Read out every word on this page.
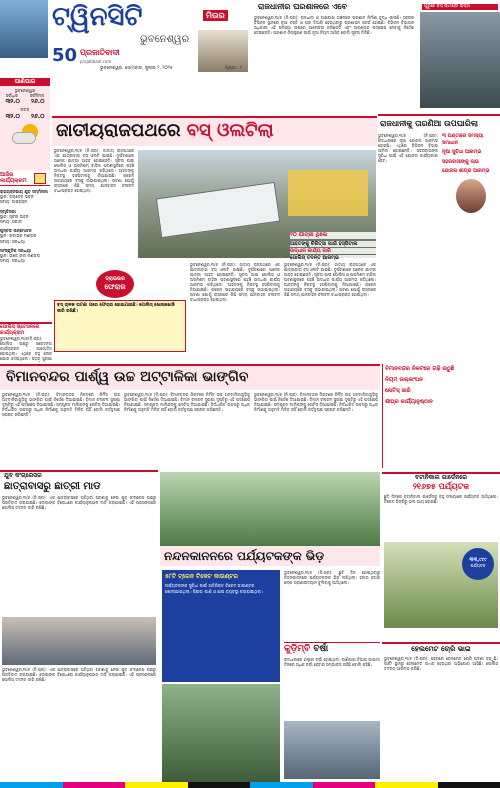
ଟ୍ୱିନସିଟି	ମିଉର
ଭୁବନେଶ୍ୱର
50 ପ୍ରଜାତିବାଦୀ
prajatibadi.com
ଭୁବନେଶ୍ୱର, ସୋମବାର, ଜୁଲାଇ ୨, ୨୦୨୫	ପୃଷ୍ଠା : ୮
ରାଜଧାନୀର ଘରଶାଳରେ ଏବେ
ଭୁବନେଶ୍ୱର,୩/୬ (ନି.ପ୍ର): ରାଜଧାନୀ ଓ ଆଖପାଖ ଅଞ୍ଚଳରେ ଘରଶାଳ ନିର୍ମାଣ ବୃଦ୍ଧି ପାଉଛି। ସହରର ବିଭିନ୍ନ ସ୍ଥାନରେ ନୂଆ ବସ୍ତି ଓ ଘର ତିଆରି ହେଉଥିବାରୁ ପ୍ରଶାସନ ସତର୍କ ହୋଇଛି। ବିଭିନ୍ନ ବିଭାଗର ଅଧିକାରୀ ଏହି ସମସ୍ୟା ଉପରେ ଆଲୋଚନା କରିଛନ୍ତି ଏବଂ ଆବଶ୍ୟକ ପଦକ୍ଷେପ ନେବାକୁ ନିର୍ଦ୍ଦେଶ ଦେଇଛନ୍ତି। ଘରଶାଳ ନିୟନ୍ତ୍ରଣ ପାଇଁ ନୂଆ ନିୟମ ଆସିବ ବୋଲି ସୂଚନା ମିଳିଛି।
ପୁରୁଣା ବସ୍ ଷ୍ଟାଣ୍ଡ ରାସ୍ତା
ପାଣିପାଗ
ଭୁବନେଶ୍ୱର
ସର୍ବାଧିକ	ସର୍ବନିମ୍ନ
୩୨.୦ ୨୬.୦
କଟକ
୩୨.୦ ୨୬.୦
ଆଜିର କାର୍ଯ୍ୟକ୍ରମ
ରାଜ୍ୟସ୍ତରୀୟ ଯୁବ ସମ୍ମିଳନୀ
ସ୍ଥାନ: ଜୟଦେବ ଭବନ
ସମୟ: ଅପରାହ୍ନ
ସ୍ମୃତିସଭା
ସ୍ଥାନ: ସୂଚନା ଭବନ
ସମୟ: ସକାଳ
ପୁସ୍ତକ ଉନ୍ମୋଚନ
ସ୍ଥାନ: ରବୀନ୍ଦ୍ର ମଣ୍ଡପ
ସମୟ: ସନ୍ଧ୍ୟା
ସାଂସ୍କୃତିକ ସନ୍ଧ୍ୟା
ସ୍ଥାନ: ଭଞ୍ଜ କଳା ମଣ୍ଡପ
ସମୟ: ସନ୍ଧ୍ୟା
ଜାତୀୟରାଜପଥରେ ବସ୍ ଓଲଟିଲା
ଭୁବନେଶ୍ୱର,୩/୬ (ନି.ପ୍ର): ଜାତୀୟ ରାଜପଥରେ ଏକ ଯାତ୍ରୀବାହୀ ବସ୍ ଓଲଟି ଯାଇଛି। ଦୁର୍ଘଟଣାରେ ଅନେକ ଯାତ୍ରୀ ଆହତ ହୋଇଛନ୍ତି। ସୂଚନା ପାଇ ପୋଲିସ୍ ଓ ଅଗ୍ନିଶମ ବାହିନୀ ଘଟଣାସ୍ଥଳରେ ପହଞ୍ଚି ଉଦ୍ଧାର କାର୍ଯ୍ୟ ଆରମ୍ଭ କରିଥିଲେ। ଆହତଙ୍କୁ ନିକଟସ୍ଥ ହସ୍ପିଟାଲକୁ ନିଆଯାଇଛି। କ୍ରେନ୍ ସାହାଯ୍ୟରେ ବସ୍‌କୁ ଉଠାଯାଇଥିଲା। ଘଟଣା ଯୋଗୁଁ ରାସ୍ତାରେ କିଛି ସମୟ ଯାନବାହନ ଚଳାଚଳ ବାଧାପ୍ରାପ୍ତ ହୋଇଥିଲା।
ଡ୍ରାଇଭର
ଫେରାର
ବସ୍ ଚାଳକ ଘଟଣା ପରେ ଫେରାର ହୋଇଯାଇଛି। ପୋଲିସ୍ ଖୋଜାଖୋଜି ଜାରି ରଖିଛି।
ଭୁବନେଶ୍ୱର,୩/୬ (ନି.ପ୍ର): ଜାତୀୟ ରାଜପଥରେ ଏକ ଯାତ୍ରୀବାହୀ ବସ୍ ଓଲଟି ଯାଇଛି। ଦୁର୍ଘଟଣାରେ ଅନେକ ଯାତ୍ରୀ ଆହତ ହୋଇଛନ୍ତି। ସୂଚନା ପାଇ ପୋଲିସ୍ ଓ ଅଗ୍ନିଶମ ବାହିନୀ ଘଟଣାସ୍ଥଳରେ ପହଞ୍ଚି ଉଦ୍ଧାର କାର୍ଯ୍ୟ ଆରମ୍ଭ କରିଥିଲେ। ଆହତଙ୍କୁ ନିକଟସ୍ଥ ହସ୍ପିଟାଲକୁ ନିଆଯାଇଛି। କ୍ରେନ୍ ସାହାଯ୍ୟରେ ବସ୍‌କୁ ଉଠାଯାଇଥିଲା। ଘଟଣା ଯୋଗୁଁ ରାସ୍ତାରେ କିଛି ସମୟ ଯାନବାହନ ଚଳାଚଳ ବାଧାପ୍ରାପ୍ତ ହୋଇଥିଲା।
ଭୁବନେଶ୍ୱର,୩/୬ (ନି.ପ୍ର): ଜାତୀୟ ରାଜପଥରେ ଏକ ଯାତ୍ରୀବାହୀ ବସ୍ ଓଲଟି ଯାଇଛି। ଦୁର୍ଘଟଣାରେ ଅନେକ ଯାତ୍ରୀ ଆହତ ହୋଇଛନ୍ତି। ସୂଚନା ପାଇ ପୋଲିସ୍ ଓ ଅଗ୍ନିଶମ ବାହିନୀ ଘଟଣାସ୍ଥଳରେ ପହଞ୍ଚି ଉଦ୍ଧାର କାର୍ଯ୍ୟ ଆରମ୍ଭ କରିଥିଲେ। ଆହତଙ୍କୁ ନିକଟସ୍ଥ ହସ୍ପିଟାଲକୁ ନିଆଯାଇଛି। କ୍ରେନ୍ ସାହାଯ୍ୟରେ ବସ୍‌କୁ ଉଠାଯାଇଥିଲା। ଘଟଣା ଯୋଗୁଁ ରାସ୍ତାରେ କିଛି ସମୟ ଯାନବାହନ ଚଳାଚଳ ବାଧାପ୍ରାପ୍ତ ହୋଇଥିଲା।
ରାଜଧାନୀକୁ ତାରଣିଆ ଉପଘାରିଲା
ଭୁବନେଶ୍ୱର,୩/୬ (ନି.ପ୍ର): ରାଜଧାନୀରେ ନୂଆ ଯୋଜନା ଆରମ୍ଭ ହୋଇଛି। ଏଥିରେ ବିଭିନ୍ନ ବିଭାଗ ସାମିଲ ହୋଇଛନ୍ତି। ସହରବାସୀଙ୍କ ସୁବିଧା ପାଇଁ ଏହି ଯୋଜନା କାର୍ଯ୍ୟକାରୀ ହେବ।
୩ ଘଣ୍ଟାରେ ସମସ୍ୟା ସମାଧାନ
ନୂଆ ସୁବିଧା ଆରମ୍ଭ
ସହରବାସୀଙ୍କୁ ଲାଭ
ଯୋଜନା ଶୀଘ୍ର ଆରମ୍ଭ
ପୋଲିସ୍ ଷ୍ଟେସନରେ କାର୍ଯ୍ୟକ୍ରମ
ଭୁବନେଶ୍ୱର,୩/୬(ନି.ପ୍ର): ପୋଲିସ୍ ପକ୍ଷରୁ ସଚେତନତା କାର୍ଯ୍ୟକ୍ରମ ଆୟୋଜିତ ହୋଇଥିଲା। ଏଥିରେ ବହୁ ଲୋକ ଯୋଗ ଦେଇଥିଲେ। ସଡ଼କ ସୁରକ୍ଷା
ବିମାନବନ୍ଦର ପାର୍ଶ୍ୱ ଉଚ୍ଚ ଅଟ୍ଟାଳିକା ଭାଙ୍ଗିବ
ଭୁବନେଶ୍ୱର,୩/୬ (ନି.ପ୍ର): ବିମାନବନ୍ଦର ନିକଟରେ ନିର୍ମିତ ଉଚ୍ଚ ଅଟ୍ଟାଳିକାଗୁଡ଼ିକୁ ଭାଙ୍ଗିବା ପାଇଁ ନିର୍ଦ୍ଦେଶ ଦିଆଯାଇଛି। ବିମାନ ଚଳାଚଳ ସୁରକ୍ଷା ଦୃଷ୍ଟିରୁ ଏହି ପଦକ୍ଷେପ ନିଆଯାଇଛି। ସମ୍ପୃକ୍ତ ମାଲିକଙ୍କୁ ନୋଟିସ୍ ଦିଆଯାଇଛି। ନିର୍ଦ୍ଧାରିତ ଉଚ୍ଚତାରୁ ଅଧିକ ନିର୍ମାଣକୁ ଅନୁମତି ମିଳିବ ନାହିଁ ବୋଲି କର୍ତ୍ତୃପକ୍ଷ ସ୍ପଷ୍ଟ କରିଛନ୍ତି।
ଭୁବନେଶ୍ୱର,୩/୬ (ନି.ପ୍ର): ବିମାନବନ୍ଦର ନିକଟରେ ନିର୍ମିତ ଉଚ୍ଚ ଅଟ୍ଟାଳିକାଗୁଡ଼ିକୁ ଭାଙ୍ଗିବା ପାଇଁ ନିର୍ଦ୍ଦେଶ ଦିଆଯାଇଛି। ବିମାନ ଚଳାଚଳ ସୁରକ୍ଷା ଦୃଷ୍ଟିରୁ ଏହି ପଦକ୍ଷେପ ନିଆଯାଇଛି। ସମ୍ପୃକ୍ତ ମାଲିକଙ୍କୁ ନୋଟିସ୍ ଦିଆଯାଇଛି। ନିର୍ଦ୍ଧାରିତ ଉଚ୍ଚତାରୁ ଅଧିକ ନିର୍ମାଣକୁ ଅନୁମତି ମିଳିବ ନାହିଁ ବୋଲି କର୍ତ୍ତୃପକ୍ଷ ସ୍ପଷ୍ଟ କରିଛନ୍ତି।
ଭୁବନେଶ୍ୱର,୩/୬ (ନି.ପ୍ର): ବିମାନବନ୍ଦର ନିକଟରେ ନିର୍ମିତ ଉଚ୍ଚ ଅଟ୍ଟାଳିକାଗୁଡ଼ିକୁ ଭାଙ୍ଗିବା ପାଇଁ ନିର୍ଦ୍ଦେଶ ଦିଆଯାଇଛି। ବିମାନ ଚଳାଚଳ ସୁରକ୍ଷା ଦୃଷ୍ଟିରୁ ଏହି ପଦକ୍ଷେପ ନିଆଯାଇଛି। ସମ୍ପୃକ୍ତ ମାଲିକଙ୍କୁ ନୋଟିସ୍ ଦିଆଯାଇଛି। ନିର୍ଦ୍ଧାରିତ ଉଚ୍ଚତାରୁ ଅଧିକ ନିର୍ମାଣକୁ ଅନୁମତି ମିଳିବ ନାହିଁ ବୋଲି କର୍ତ୍ତୃପକ୍ଷ ସ୍ପଷ୍ଟ କରିଛନ୍ତି।
ବିମାନବନ୍ଦର ନିକଟରେ ଗଢ଼ି ଉଠୁଛି
ନିୟମ ଉଲ୍ଲଂଘନ
ନୋଟିସ୍ ଜାରି
ଶୀଘ୍ର କାର୍ଯ୍ୟାନୁଷ୍ଠାନ
ଯୁବ କଂଗ୍ରେସର
ଛାତ୍ରାବାସରୁ ଛାତ୍ରୀ ମାଡ
ଭୁବନେଶ୍ୱର,୩/୬ (ନି.ପ୍ର): ଏକ ଛାତ୍ରାବାସରେ ଘଟିଥିବା ଘଟଣାକୁ ନେଇ ଯୁବ କଂଗ୍ରେସ ପକ୍ଷରୁ ପ୍ରତିବାଦ କରାଯାଇଛି। ଦୋଷୀଙ୍କ ବିରୋଧରେ କାର୍ଯ୍ୟାନୁଷ୍ଠାନ ଦାବି କରାଯାଇଛି। ଏହି ପ୍ରସଙ୍ଗରେ ପୋଲିସ୍ ତଦନ୍ତ ଜାରି ରଖିଛି।
ଭୁବନେଶ୍ୱର,୩/୬ (ନି.ପ୍ର): ଏକ ଛାତ୍ରାବାସରେ ଘଟିଥିବା ଘଟଣାକୁ ନେଇ ଯୁବ କଂଗ୍ରେସ ପକ୍ଷରୁ ପ୍ରତିବାଦ କରାଯାଇଛି। ଦୋଷୀଙ୍କ ବିରୋଧରେ କାର୍ଯ୍ୟାନୁଷ୍ଠାନ ଦାବି କରାଯାଇଛି। ଏହି ପ୍ରସଙ୍ଗରେ ପୋଲିସ୍ ତଦନ୍ତ ଜାରି ରଖିଛି।
ନନ୍ଦନକାନନରେ ପର୍ଯ୍ୟଟକଙ୍କ ଭିଡ଼
୫୮ଟି ଟ୍ରେନ ଟିକେଟ କାଉଣ୍ଟର
ପର୍ଯ୍ୟଟକଙ୍କ ସୁବିଧା ପାଇଁ ଅତିରିକ୍ତ ଟିକେଟ କାଉଣ୍ଟର ଖୋଲାଯାଇଥିଲା। ପିଇବା ପାଣି ଓ ଛାଇ ବ୍ୟବସ୍ଥା କରାଯାଇଥିଲା।
ଭୁବନେଶ୍ୱର,୩/୬ (ନି.ପ୍ର): ଛୁଟି ଦିନ ହୋଇଥିବାରୁ ନନ୍ଦନକାନନରେ ପର୍ଯ୍ୟଟକଙ୍କ ଭିଡ଼ ଲାଗିଥିଲା। ହଜାର ହଜାର ଲୋକ ପ୍ରାଣୀଉଦ୍ୟାନ ବୁଲିବାକୁ ଆସିଥିଲେ।
କୁଡ଼ିମ୍ବି ବର୍ଷା
ରାଜଧାନୀରେ ହାଲୁକା ବର୍ଷା ହୋଇଥିଲା। ପାଣିପାଗ ବିଭାଗ ଆଗାମୀ ଦିନରେ ଅଧିକ ବର୍ଷା ହେବାର ସମ୍ଭାବନା ରହିଛି ବୋଲି କହିଛି।
ବଟାନିକାଲ ଗାର୍ଡେନରେ
୨୧୬୭୫ ପର୍ଯ୍ୟଟକ
ଛୁଟି ଦିନରେ ବଟାନିକାଲ ଗାର୍ଡେନକୁ ବହୁ ସଂଖ୍ୟାରେ ପର୍ଯ୍ୟଟକ ଆସିଥିଲେ। ଟିକେଟ ବିକ୍ରିରୁ ଭଲ ଆୟ ହୋଇଛି।
୩୩,୯୯୯
ପର୍ଯ୍ୟଟକ
ହେଲମେଟ ଚୋରି ଭାଇ
ଭୁବନେଶ୍ୱର,୩/୬ (ନି.ପ୍ର): ସହରରେ ହେଲମେଟ ଚୋରି ଘଟଣା ବଢ଼ୁଛି। ପାର୍କିଂ ସ୍ଥାନରୁ ହେଲମେଟ ଗାଏବ ହେଉଥିବା ଅଭିଯୋଗ ଆସିଛି। ପୋଲିସ୍ ତଦନ୍ତ ଆରମ୍ଭ କରିଛି।
୨୦ ଯାତ୍ରୀ ଥିଲେ
ଆହତଙ୍କୁ ଚିକିତ୍ସା ପାଇଁ ହସ୍ପିଟାଲ
ଉଦ୍ଧାର କାର୍ଯ୍ୟ ଜାରି
ପୋଲିସ୍ ତଦନ୍ତ ଆରମ୍ଭ
